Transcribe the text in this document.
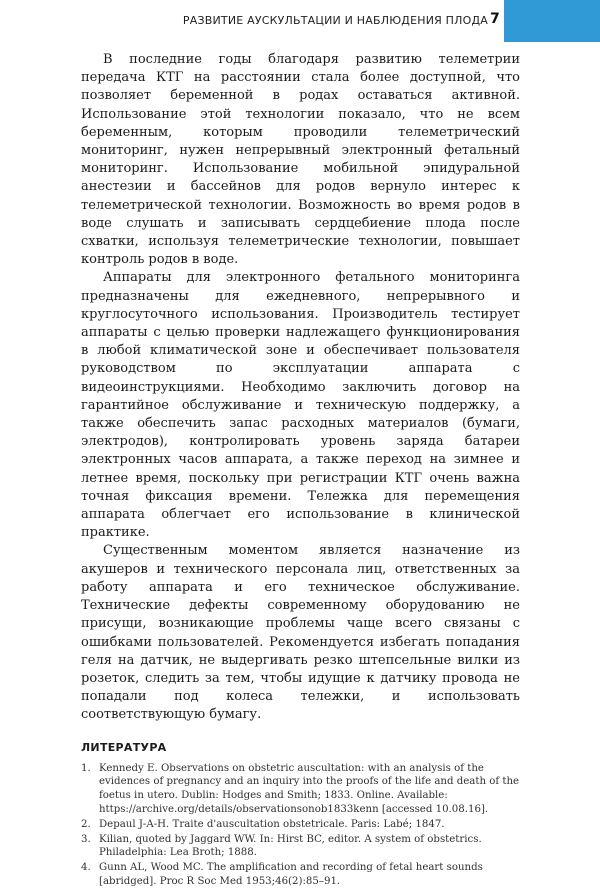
РАЗВИТИЕ АУСКУЛЬТАЦИИ И НАБЛЮДЕНИЯ ПЛОДА 7

В последние годы благодаря развитию телеметрии передача КТГ на расстоянии стала более доступной, что позволяет беременной в родах оставаться активной. Использование этой технологии показало, что не всем беременным, которым проводили телеметрический мониторинг, нужен непрерывный электронный фетальный мониторинг. Использование мобильной эпидуральной анестезии и бассейнов для родов вернуло интерес к телеметрической технологии. Возможность во время родов в воде слушать и записывать сердцебиение плода после схватки, используя телеметрические технологии, повышает контроль родов в воде.

Аппараты для электронного фетального мониторинга предназначены для ежедневного, непрерывного и круглосуточного использования. Производитель тестирует аппараты с целью проверки надлежащего функционирования в любой климатической зоне и обеспечивает пользователя руководством по эксплуатации аппарата с видеоинструкциями. Необходимо заключить договор на гарантийное обслуживание и техническую поддержку, а также обеспечить запас расходных материалов (бумаги, электродов), контролировать уровень заряда батареи электронных часов аппарата, а также переход на зимнее и летнее время, поскольку при регистрации КТГ очень важна точная фиксация времени. Тележка для перемещения аппарата облегчает его использование в клинической практике.

Существенным моментом является назначение из акушеров и технического персонала лиц, ответственных за работу аппарата и его техническое обслуживание. Технические дефекты современному оборудованию не присущи, возникающие проблемы чаще всего связаны с ошибками пользователей. Рекомендуется избегать попадания геля на датчик, не выдергивать резко штепсельные вилки из розеток, следить за тем, чтобы идущие к датчику провода не попадали под колеса тележки, и использовать соответствующую бумагу.

ЛИТЕРАТУРА
1. Kennedy E. Observations on obstetric auscultation: with an analysis of the evidences of pregnancy and an inquiry into the proofs of the life and death of the foetus in utero. Dublin: Hodges and Smith; 1833. Online. Available: https://archive.org/details/observationsonob1833kenn [accessed 10.08.16].
2. Depaul J-A-H. Traite d'auscultation obstetricale. Paris: Labé; 1847.
3. Kilian, quoted by Jaggard WW. In: Hirst BC, editor. A system of obstetrics. Philadelphia: Lea Broth; 1888.
4. Gunn AL, Wood MC. The amplification and recording of fetal heart sounds [abridged]. Proc R Soc Med 1953;46(2):85–91.
